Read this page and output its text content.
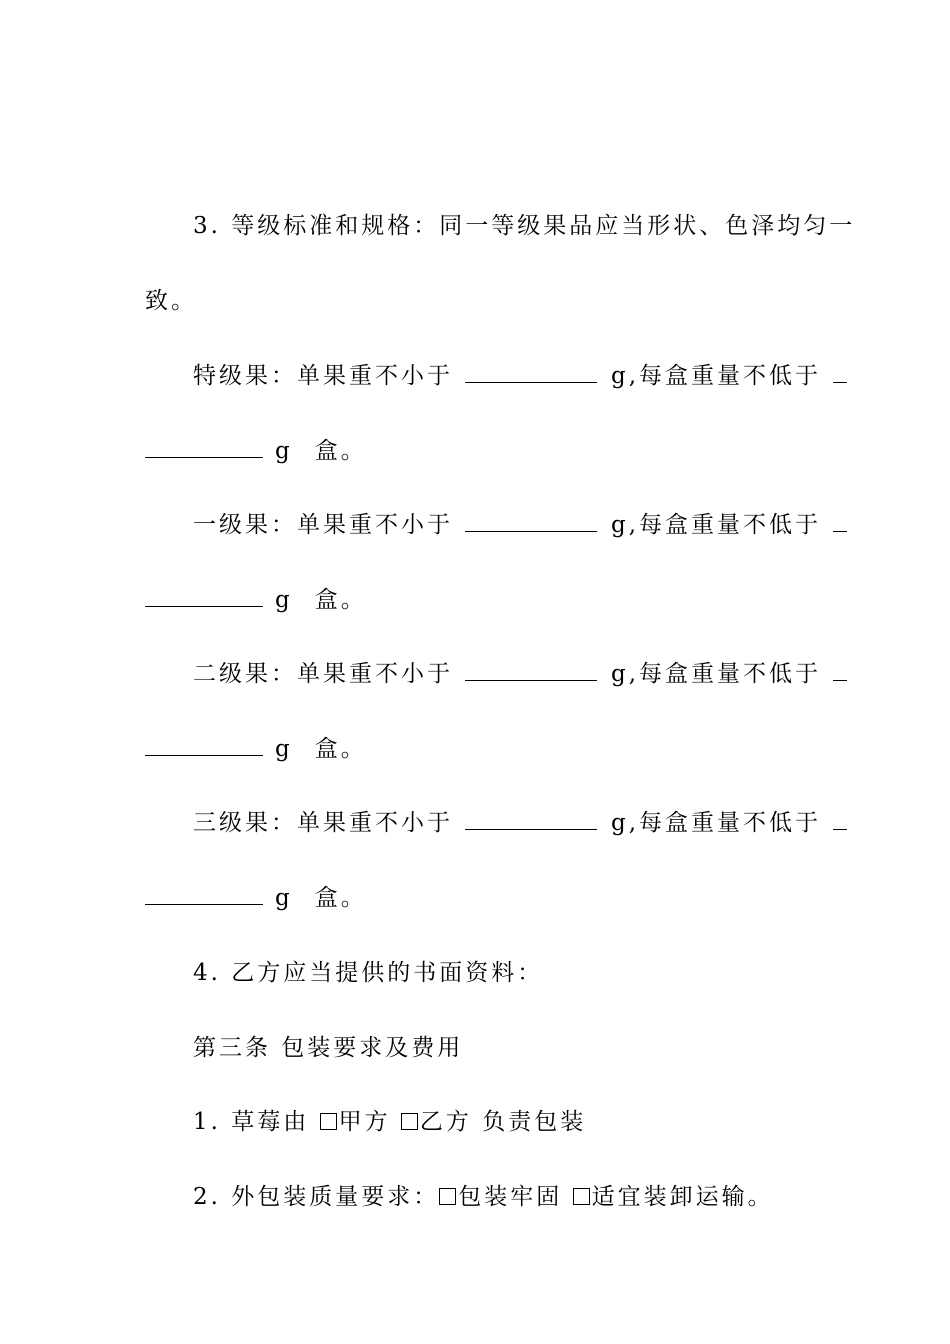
3. 等级标准和规格：同一等级果品应当形状、色泽均匀一
致。
特级果：单果重不小于	g,每盒重量不低于
g 盒。
一级果：单果重不小于	g,每盒重量不低于
g 盒。
二级果：单果重不小于	g,每盒重量不低于
g 盒。
三级果：单果重不小于	g,每盒重量不低于
g 盒。
4. 乙方应当提供的书面资料：
第三条 包装要求及费用
1. 草莓由 甲方 乙方 负责包装
2. 外包装质量要求： 包装牢固 适宜装卸运输。
